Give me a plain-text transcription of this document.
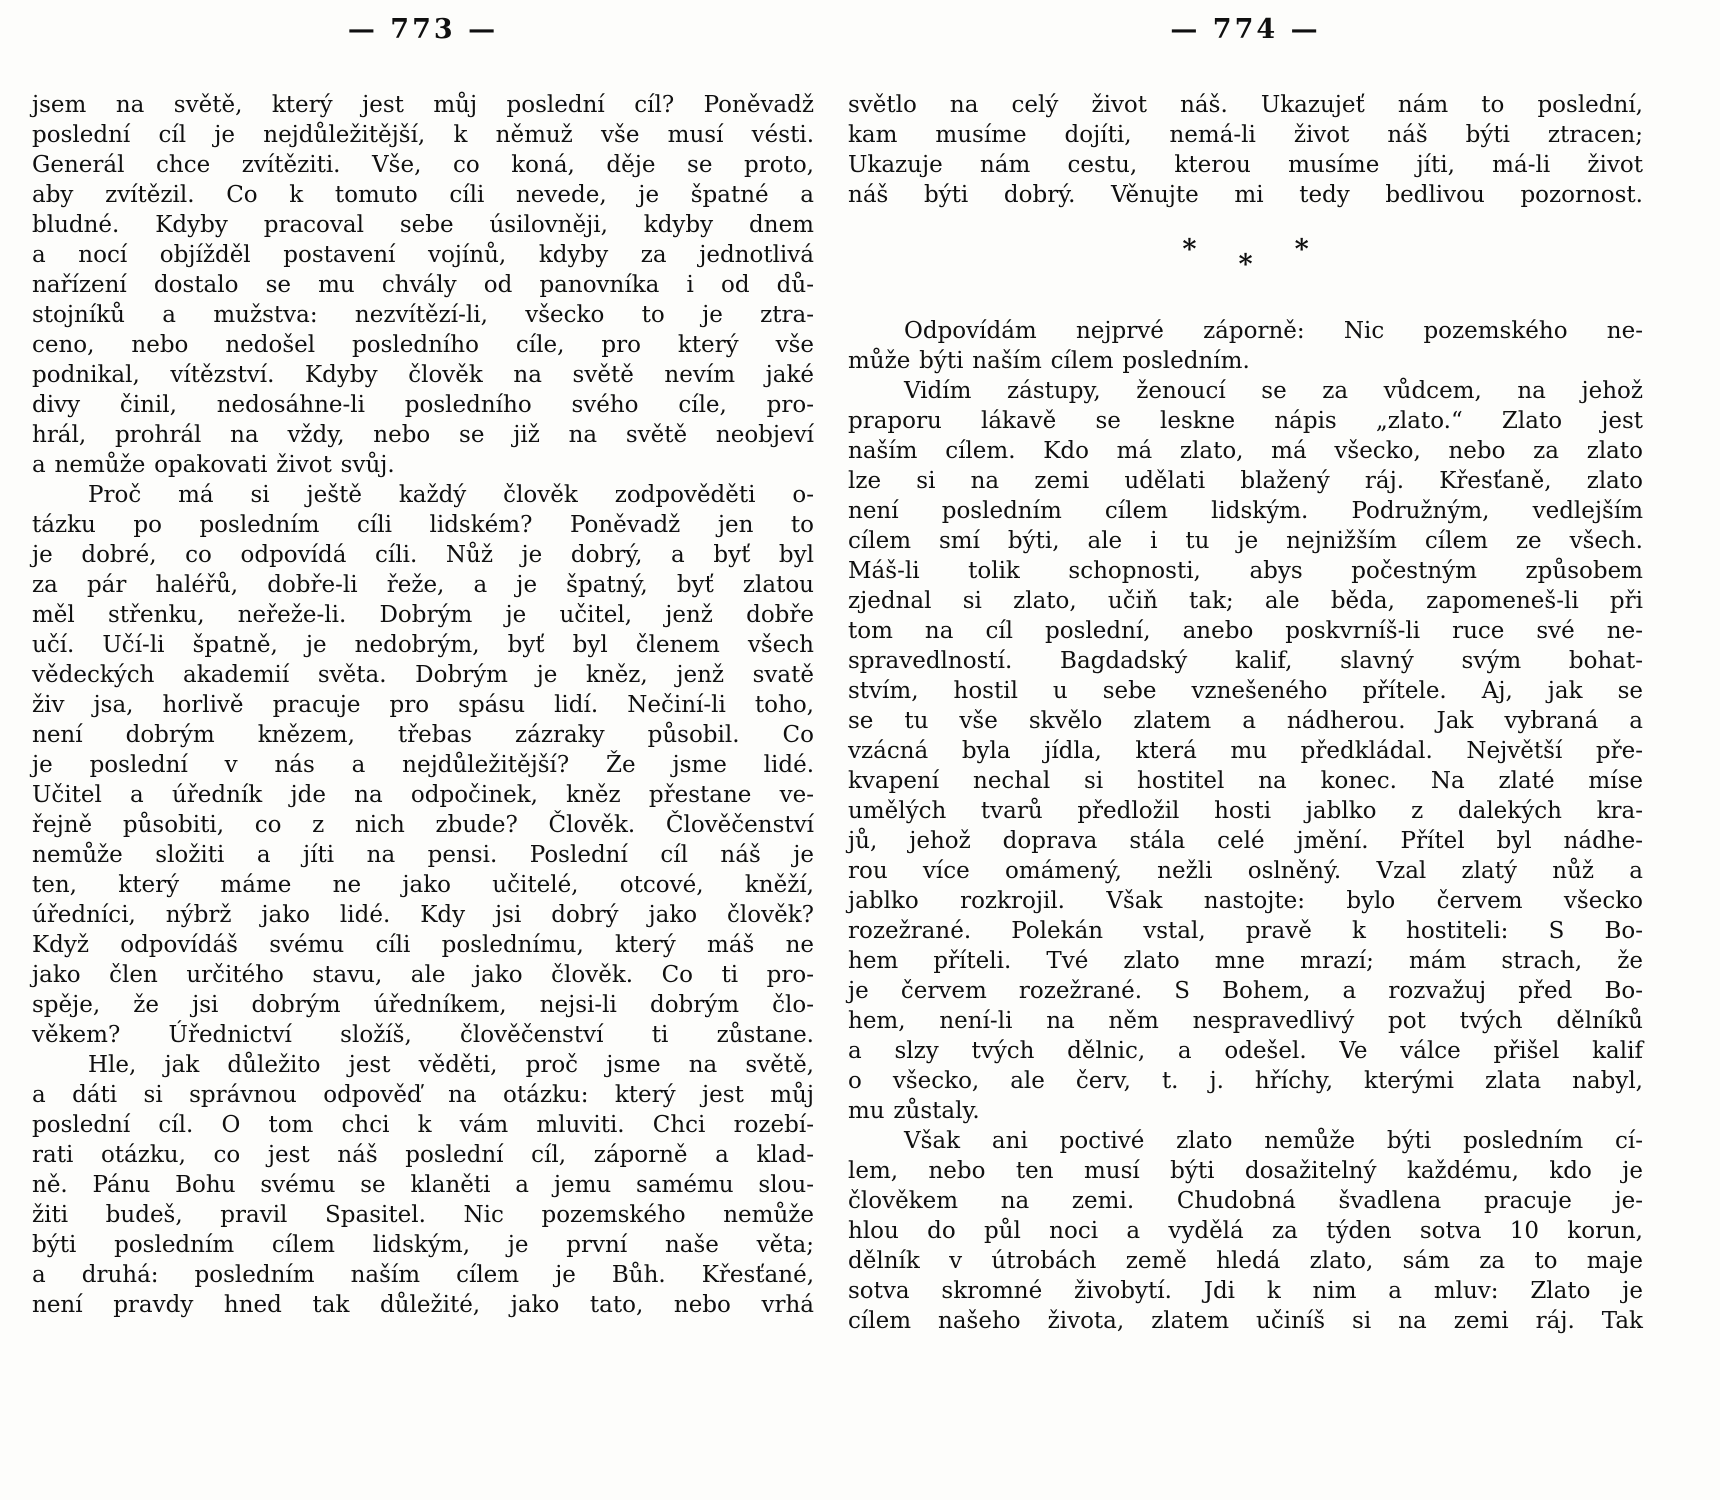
— 773 —
jsem na světě, který jest můj poslední cíl? Poněvadž
poslední cíl je nejdůležitější, k němuž vše musí vésti.
Generál chce zvítěziti. Vše, co koná, děje se proto,
aby zvítězil. Co k tomuto cíli nevede, je špatné a
bludné. Kdyby pracoval sebe úsilovněji, kdyby dnem
a nocí objížděl postavení vojínů, kdyby za jednotlivá
nařízení dostalo se mu chvály od panovníka i od dů-
stojníků a mužstva: nezvítězí-li, všecko to je ztra-
ceno, nebo nedošel posledního cíle, pro který vše
podnikal, vítězství. Kdyby člověk na světě nevím jaké
divy činil, nedosáhne-li posledního svého cíle, pro-
hrál, prohrál na vždy, nebo se již na světě neobjeví
a nemůže opakovati život svůj.
Proč má si ještě každý člověk zodpověděti o-
tázku po posledním cíli lidském? Poněvadž jen to
je dobré, co odpovídá cíli. Nůž je dobrý, a byť byl
za pár haléřů, dobře-li řeže, a je špatný, byť zlatou
měl střenku, neřeže-li. Dobrým je učitel, jenž dobře
učí. Učí-li špatně, je nedobrým, byť byl členem všech
vědeckých akademií světa. Dobrým je kněz, jenž svatě
živ jsa, horlivě pracuje pro spásu lidí. Nečiní-li toho,
není dobrým knězem, třebas zázraky působil. Co
je poslední v nás a nejdůležitější? Že jsme lidé.
Učitel a úředník jde na odpočinek, kněz přestane ve-
řejně působiti, co z nich zbude? Člověk. Člověčenství
nemůže složiti a jíti na pensi. Poslední cíl náš je
ten, který máme ne jako učitelé, otcové, kněží,
úředníci, nýbrž jako lidé. Kdy jsi dobrý jako člověk?
Když odpovídáš svému cíli poslednímu, který máš ne
jako člen určitého stavu, ale jako člověk. Co ti pro-
spěje, že jsi dobrým úředníkem, nejsi-li dobrým člo-
věkem? Úřednictví složíš, člověčenství ti zůstane.
Hle, jak důležito jest věděti, proč jsme na světě,
a dáti si správnou odpověď na otázku: který jest můj
poslední cíl. O tom chci k vám mluviti. Chci rozebí-
rati otázku, co jest náš poslední cíl, záporně a klad-
ně. Pánu Bohu svému se klaněti a jemu samému slou-
žiti budeš, pravil Spasitel. Nic pozemského nemůže
býti posledním cílem lidským, je první naše věta;
a druhá: posledním naším cílem je Bůh. Křesťané,
není pravdy hned tak důležité, jako tato, nebo vrhá
— 774 —
světlo na celý život náš. Ukazujeť nám to poslední,
kam musíme dojíti, nemá-li život náš býti ztracen;
Ukazuje nám cestu, kterou musíme jíti, má-li život
náš býti dobrý. Věnujte mi tedy bedlivou pozornost.
* * *
Odpovídám nejprvé záporně: Nic pozemského ne-
může býti naším cílem posledním.
Vidím zástupy, ženoucí se za vůdcem, na jehož
praporu lákavě se leskne nápis „zlato.“ Zlato jest
naším cílem. Kdo má zlato, má všecko, nebo za zlato
lze si na zemi udělati blažený ráj. Křesťaně, zlato
není posledním cílem lidským. Podružným, vedlejším
cílem smí býti, ale i tu je nejnižším cílem ze všech.
Máš-li tolik schopnosti, abys počestným způsobem
zjednal si zlato, učiň tak; ale běda, zapomeneš-li při
tom na cíl poslední, anebo poskvrníš-li ruce své ne-
spravedlností. Bagdadský kalif, slavný svým bohat-
stvím, hostil u sebe vznešeného přítele. Aj, jak se
se tu vše skvělo zlatem a nádherou. Jak vybraná a
vzácná byla jídla, která mu předkládal. Největší pře-
kvapení nechal si hostitel na konec. Na zlaté míse
umělých tvarů předložil hosti jablko z dalekých kra-
jů, jehož doprava stála celé jmění. Přítel byl nádhe-
rou více omámený, nežli oslněný. Vzal zlatý nůž a
jablko rozkrojil. Však nastojte: bylo červem všecko
rozežrané. Polekán vstal, pravě k hostiteli: S Bo-
hem příteli. Tvé zlato mne mrazí; mám strach, že
je červem rozežrané. S Bohem, a rozvažuj před Bo-
hem, není-li na něm nespravedlivý pot tvých dělníků
a slzy tvých dělnic, a odešel. Ve válce přišel kalif
o všecko, ale červ, t. j. hříchy, kterými zlata nabyl,
mu zůstaly.
Však ani poctivé zlato nemůže býti posledním cí-
lem, nebo ten musí býti dosažitelný každému, kdo je
člověkem na zemi. Chudobná švadlena pracuje je-
hlou do půl noci a vydělá za týden sotva 10 korun,
dělník v útrobách země hledá zlato, sám za to maje
sotva skromné živobytí. Jdi k nim a mluv: Zlato je
cílem našeho života, zlatem učiníš si na zemi ráj. Tak
